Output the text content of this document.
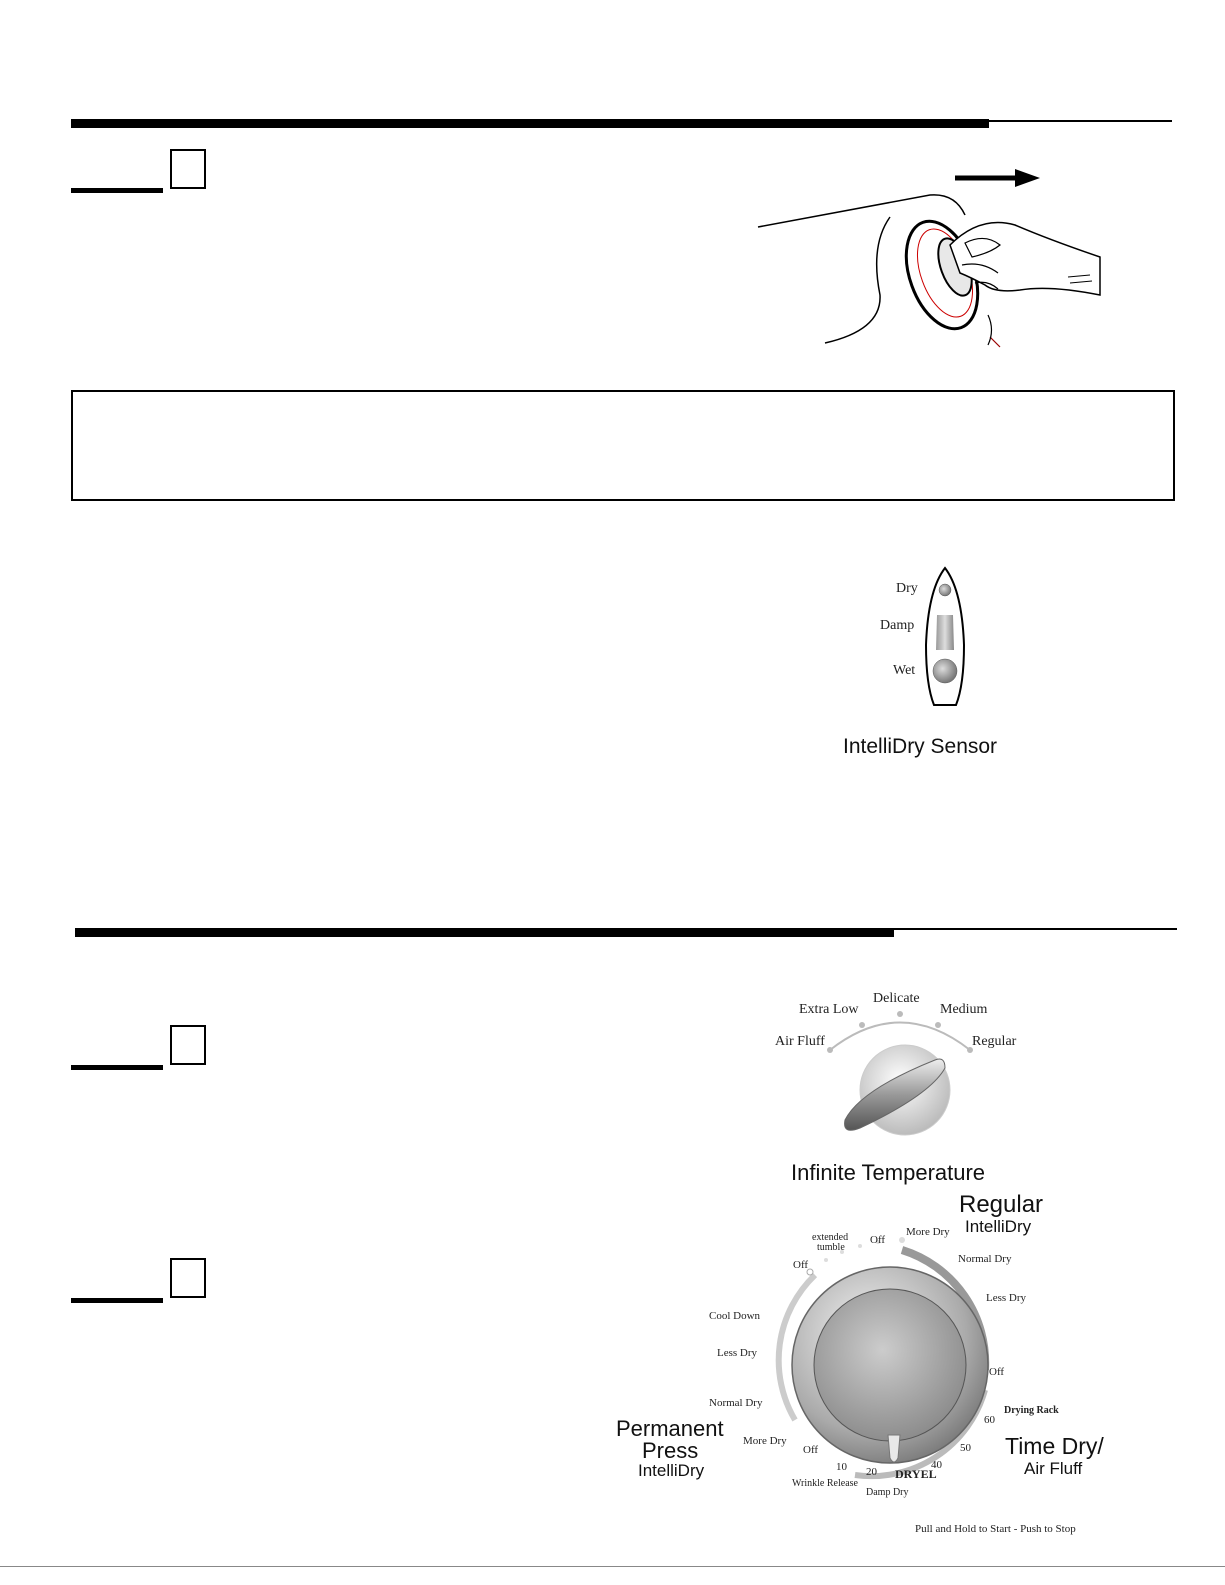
Dry
Damp
Wet
IntelliDry Sensor
Air Fluff
Extra Low
Delicate
Medium
Regular
Infinite Temperature
Regular
IntelliDry
More Dry
Normal Dry
Less Dry
Off
Drying Rack
60
50
40
DRYEL
20
10
Damp Dry
Wrinkle Release
Time Dry/
Air Fluff
Permanent
Press
IntelliDry
Off
More Dry
Normal Dry
Less Dry
Cool Down
Off
extended
tumble
Off
Pull and Hold to Start - Push to Stop
